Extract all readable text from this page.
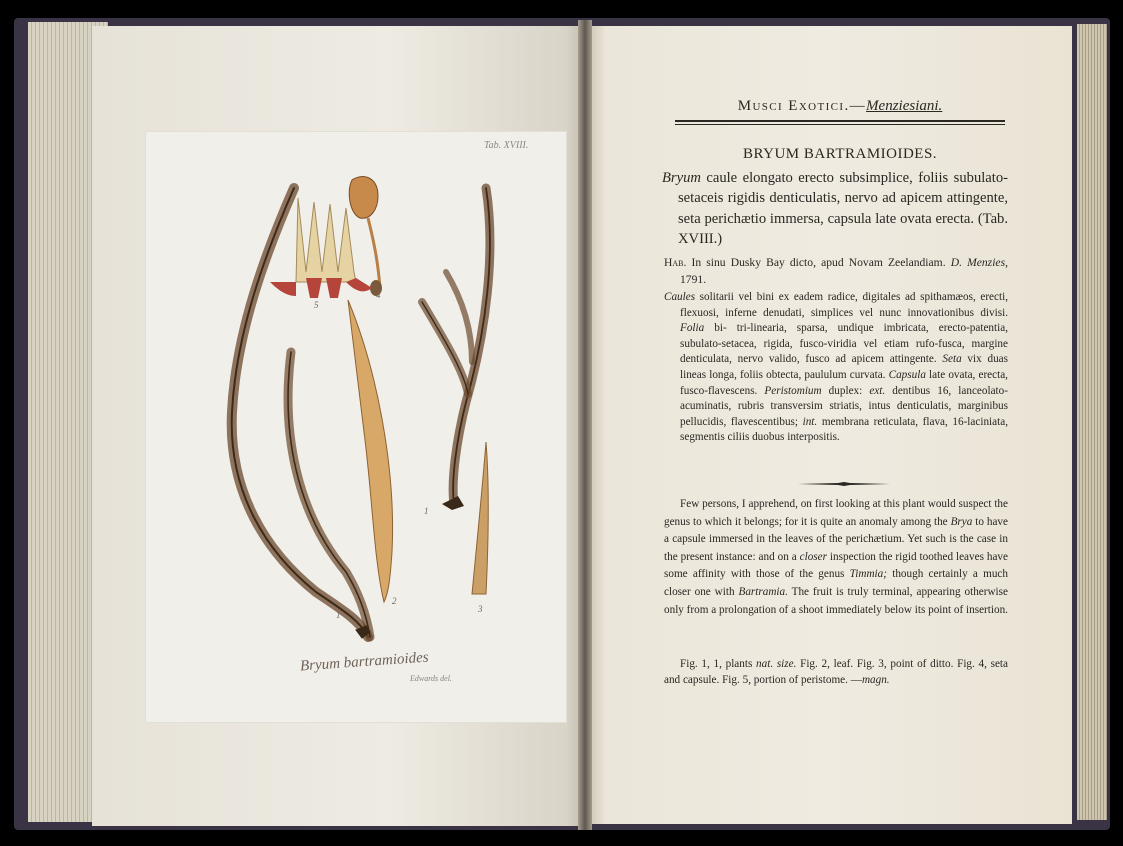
Tab. XVIII.
5
4
1
1
2
3
Bryum bartramioides
Edwards del.
Musci Exotici.—Menziesiani.
BRYUM BARTRAMIOIDES.

Bryum caule elongato erecto subsimplice, foliis subulato-setaceis rigidis denticulatis, nervo ad apicem attingente, seta perichætio immersa, capsula late ovata erecta. (Tab. XVIII.)

Hab. In sinu Dusky Bay dicto, apud Novam Zeelandiam. D. Menzies, 1791.

Caules solitarii vel bini ex eadem radice, digitales ad spithamæos, erecti, flexuosi, inferne denudati, simplices vel nunc innovationibus divisi. Folia bi- tri-linearia, sparsa, undique imbricata, erecto-patentia, subulato-setacea, rigida, fusco-viridia vel etiam rufo-fusca, margine denticulata, nervo valido, fusco ad apicem attingente. Seta vix duas lineas longa, foliis obtecta, paululum curvata. Capsula late ovata, erecta, fusco-flavescens. Peristomium duplex: ext. dentibus 16, lanceolato-acuminatis, rubris transversim striatis, intus denticulatis, marginibus pellucidis, flavescentibus; int. membrana reticulata, flava, 16-laciniata, segmentis ciliis duobus interpositis.

Few persons, I apprehend, on first looking at this plant would suspect the genus to which it belongs; for it is quite an anomaly among the Brya to have a capsule immersed in the leaves of the perichætium. Yet such is the case in the present instance: and on a closer inspection the rigid toothed leaves have some affinity with those of the genus Timmia; though certainly a much closer one with Bartramia. The fruit is truly terminal, appearing otherwise only from a prolongation of a shoot immediately below its point of insertion.

Fig. 1, 1, plants nat. size. Fig. 2, leaf. Fig. 3, point of ditto. Fig. 4, seta and capsule. Fig. 5, portion of peristome. —magn.
